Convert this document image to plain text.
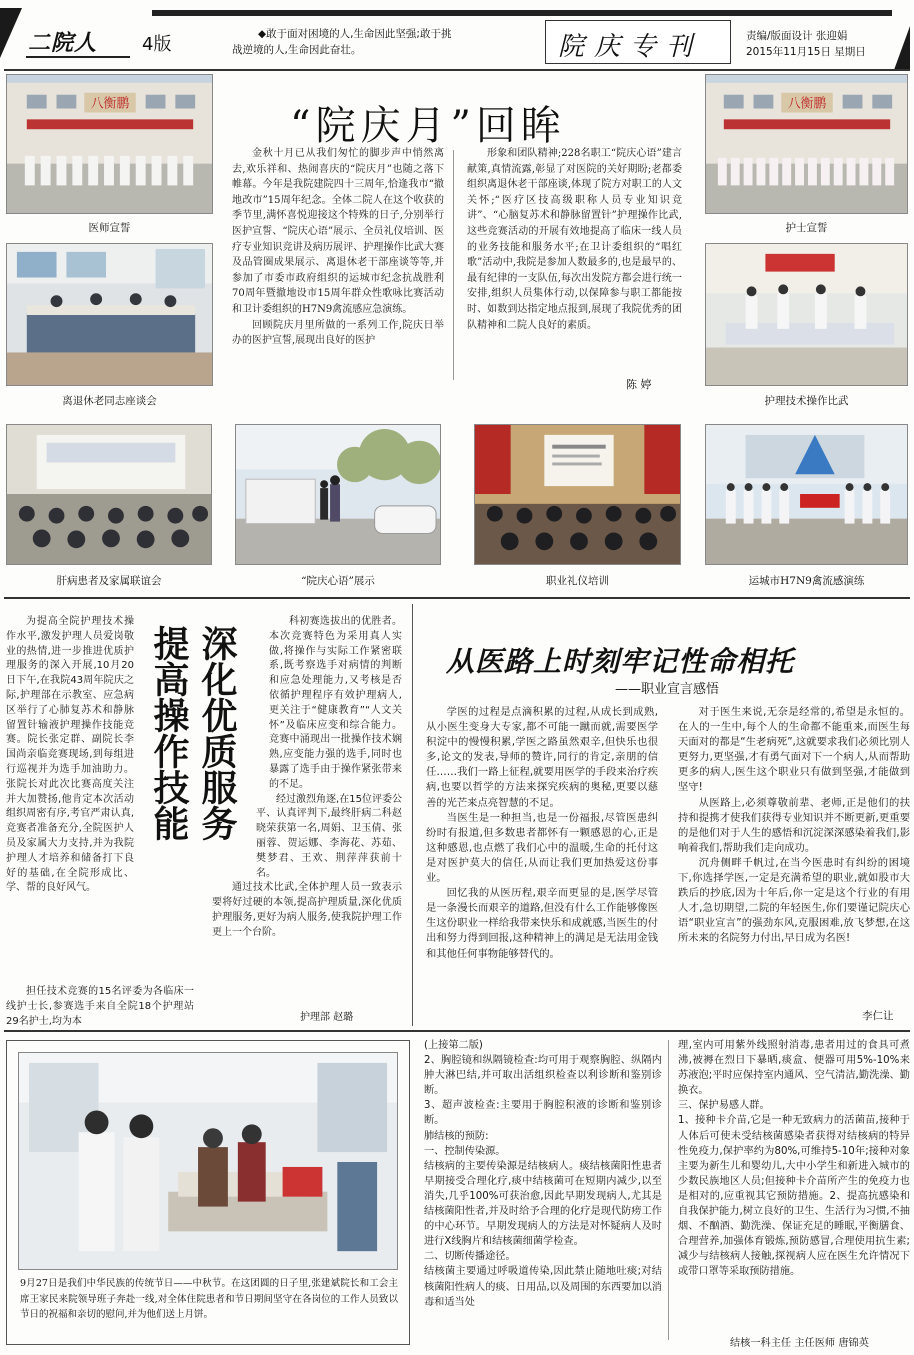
二院人 4版	◆敢于面对困境的人,生命因此坚强;敢于挑
战逆境的人,生命因此奋壮。	院庆专刊	责编/版面设计 张迎娟
2015年11月15日 星期日
“院庆月”回眸

金秋十月已从我们匆忙的脚步声中悄然离去,欢乐祥和、热闹喜庆的“院庆月”也随之落下帷幕。今年是我院建院四十三周年,恰逢我市“撤地改市”15周年纪念。全体二院人在这个收获的季节里,满怀喜悦迎接这个特殊的日子,分别举行医护宣誓、“院庆心语”展示、全员礼仪培训、医疗专业知识竞讲及病历展评、护理操作比武大赛及品管圈成果展示、离退休老干部座谈等等,并参加了市委市政府组织的运城市纪念抗战胜利70周年暨撤地设市15周年群众性歌咏比赛活动和卫计委组织的H7N9禽流感应急演练。

回顾院庆月里所做的一系列工作,院庆日举办的医护宣誓,展现出良好的医护

形象和团队精神;228名职工“院庆心语”建言献策,真情流露,彰显了对医院的关好期盼;老都委组织离退休老干部座谈,体现了院方对职工的人文关怀;“医疗区技高级职称人员专业知识竞讲”、“心脑复苏术和静脉留置针”护理操作比武,这些竞赛活动的开展有效地提高了临床一线人员的业务技能和服务水平;在卫计委组织的“唱红歌”活动中,我院是参加人数最多的,也是最早的、最有纪律的一支队伍,每次出发院方都会进行统一安排,组织人员集体行动,以保障参与职工都能按时、如数到达指定地点报到,展现了我院优秀的团队精神和二院人良好的素质。

陈 婷
八衡鹏
医师宣誓
离退休老同志座谈会
八衡鹏
护士宣誓
护理技术操作比武
肝病患者及家属联谊会	“院庆心语”展示	职业礼仪培训	运城市H7N9禽流感演练

为提高全院护理技术操作水平,激发护理人员爱岗敬业的热情,进一步推进优质护理服务的深入开展,10月20日下午,在我院43周年院庆之际,护理部在示教室、应急病区举行了心肺复苏术和静脉留置针输液护理操作技能竞赛。院长张定群、副院长李国尚亲临竞赛现场,到每组进行巡视并为选手加油助力。张院长对此次比赛高度关注并大加赞扬,他肯定本次活动组织周密有序,考官严肃认真,竞赛者准备充分,全院医护人员及家属大力支持,并为我院护理人才培养和储备打下良好的基础,在全院形成比、学、帮的良好风气。

担任技术竞赛的15名评委为各临床一线护士长,参赛选手来自全院18个护理站29名护士,均为本

深化优质服务
提高操作技能

科初赛选拔出的优胜者。本次竞赛特色为采用真人实做,将操作与实际工作紧密联系,既考察选手对病情的判断和应急处理能力,又考核是否依循护理程序有效护理病人,更关注于“健康教育”“人文关怀”及临床应变和综合能力。竞赛中涌现出一批操作技术娴熟,应变能力强的选手,同时也暴露了选手由于操作紧张带来的不足。

经过激烈角逐,在15位评委公平、认真评判下,最终肝病二科赵晓荣获第一名,周娟、卫玉倩、张丽蓉、贺运娜、李海花、苏茹、樊梦君、王欢、荆萍萍获前十名。

通过技术比武,全体护理人员一致表示要将好过硬的本领,提高护理质量,深化优质护理服务,更好为病人服务,使我院护理工作更上一个台阶。

护理部 赵璐
从医路上时刻牢记性命相托
——职业宣言感悟

学医的过程是点滴积累的过程,从成长到成熟,从小医生变身大专家,都不可能一蹴而就,需要医学积淀中的慢慢积累,学医之路虽然艰辛,但快乐也很多,论文的发表,导师的赞许,同行的肯定,亲朋的信任……我们一路上征程,就要用医学的手段来治疗疾病,也要以哲学的方法来探究疾病的奥秘,更要以慈善的光芒来点亮智慧的不足。

当医生是一种担当,也是一份福报,尽管医患纠纷时有报道,但多数患者都怀有一颗感恩的心,正是这种感恩,也点燃了我们心中的温暖,生命的托付这是对医护莫大的信任,从而让我们更加热爱这份事业。

回忆我的从医历程,艰辛而更显的是,医学尽管是一条漫长而艰辛的道路,但没有什么工作能够像医生这份职业一样给我带来快乐和成就感,当医生的付出和努力得到回报,这种精神上的满足是无法用金钱和其他任何事物能够替代的。

对于医生来说,无奈是经常的,希望是永恒的。在人的一生中,每个人的生命都不能重来,而医生每天面对的都是“生老病死”,这就要求我们必须比别人更努力,更坚强,才有勇气面对下一个病人,从而帮助更多的病人,医生这个职业只有做到坚强,才能做到坚守!

从医路上,必须尊敬前辈、老师,正是他们的扶持和提携才使我们获得专业知识并不断更新,更重要的是他们对于人生的感悟和沉淀深深感染着我们,影响着我们,帮助我们走向成功。

沉舟侧畔千帆过,在当今医患时有纠纷的困境下,你选择学医,一定是充满希望的职业,就如股市大跌后的抄底,因为十年后,你一定是这个行业的有用人才,急切期望,二院的年轻医生,你们要谨记院庆心语“职业宣言”的强劲东风,克服困难,放飞梦想,在这所未来的名院努力付出,早日成为名医!

李仁让
9月27日是我们中华民族的传统节日——中秋节。在这团圆的日子里,张建斌院长和工会主席王家民来院领导班子奔赴一线,对全体住院患者和节日期间坚守在各岗位的工作人员致以节日的祝福和亲切的慰问,并为他们送上月饼。
(上接第二版)
2、胸腔镜和纵隔镜检查:均可用于观察胸腔、纵隔内肿大淋巴结,并可取出活组织检查以利诊断和鉴别诊断。
3、超声波检查:主要用于胸腔积液的诊断和鉴别诊断。
肺结核的预防:
一、控制传染源。
结核病的主要传染源是结核病人。痰结核菌阳性患者早期接受合理化疗,痰中结核菌可在短期内减少,以至消失,几乎100%可获治愈,因此早期发现病人,尤其是结核菌阳性者,并及时给予合理的化疗是现代防痨工作的中心环节。早期发现病人的方法是对怀疑病人及时进行X线胸片和结核菌细菌学检查。
二、切断传播途径。
结核菌主要通过呼吸道传染,因此禁止随地吐痰;对结核菌阳性病人的痰、日用品,以及周围的东西要加以消毒和适当处
理,室内可用紫外线照射消毒,患者用过的食具可煮沸,被褥在烈日下暴晒,痰盒、便器可用5%-10%来苏液泡;平时应保持室内通风、空气清洁,勤洗澡、勤换衣。
三、保护易感人群。
1、接种卡介苗,它是一种无致病力的活菌苗,接种于人体后可使未受结核菌感染者获得对结核病的特异性免疫力,保护率约为80%,可维持5-10年;接种对象主要为新生儿和婴幼儿,大中小学生和新进入城市的少数民族地区人员;但接种卡介苗所产生的免疫力也是相对的,应重视其它预防措施。2、提高抗感染和自我保护能力,树立良好的卫生、生活行为习惯,不抽烟、不酗酒、勤洗澡、保证充足的睡眠,平衡膳食、合理营养,加强体育锻炼,预防感冒,合理使用抗生素;减少与结核病人接触,探视病人应在医生允许情况下或带口罩等采取预防措施。
结核一科主任 主任医师 唐锦英
